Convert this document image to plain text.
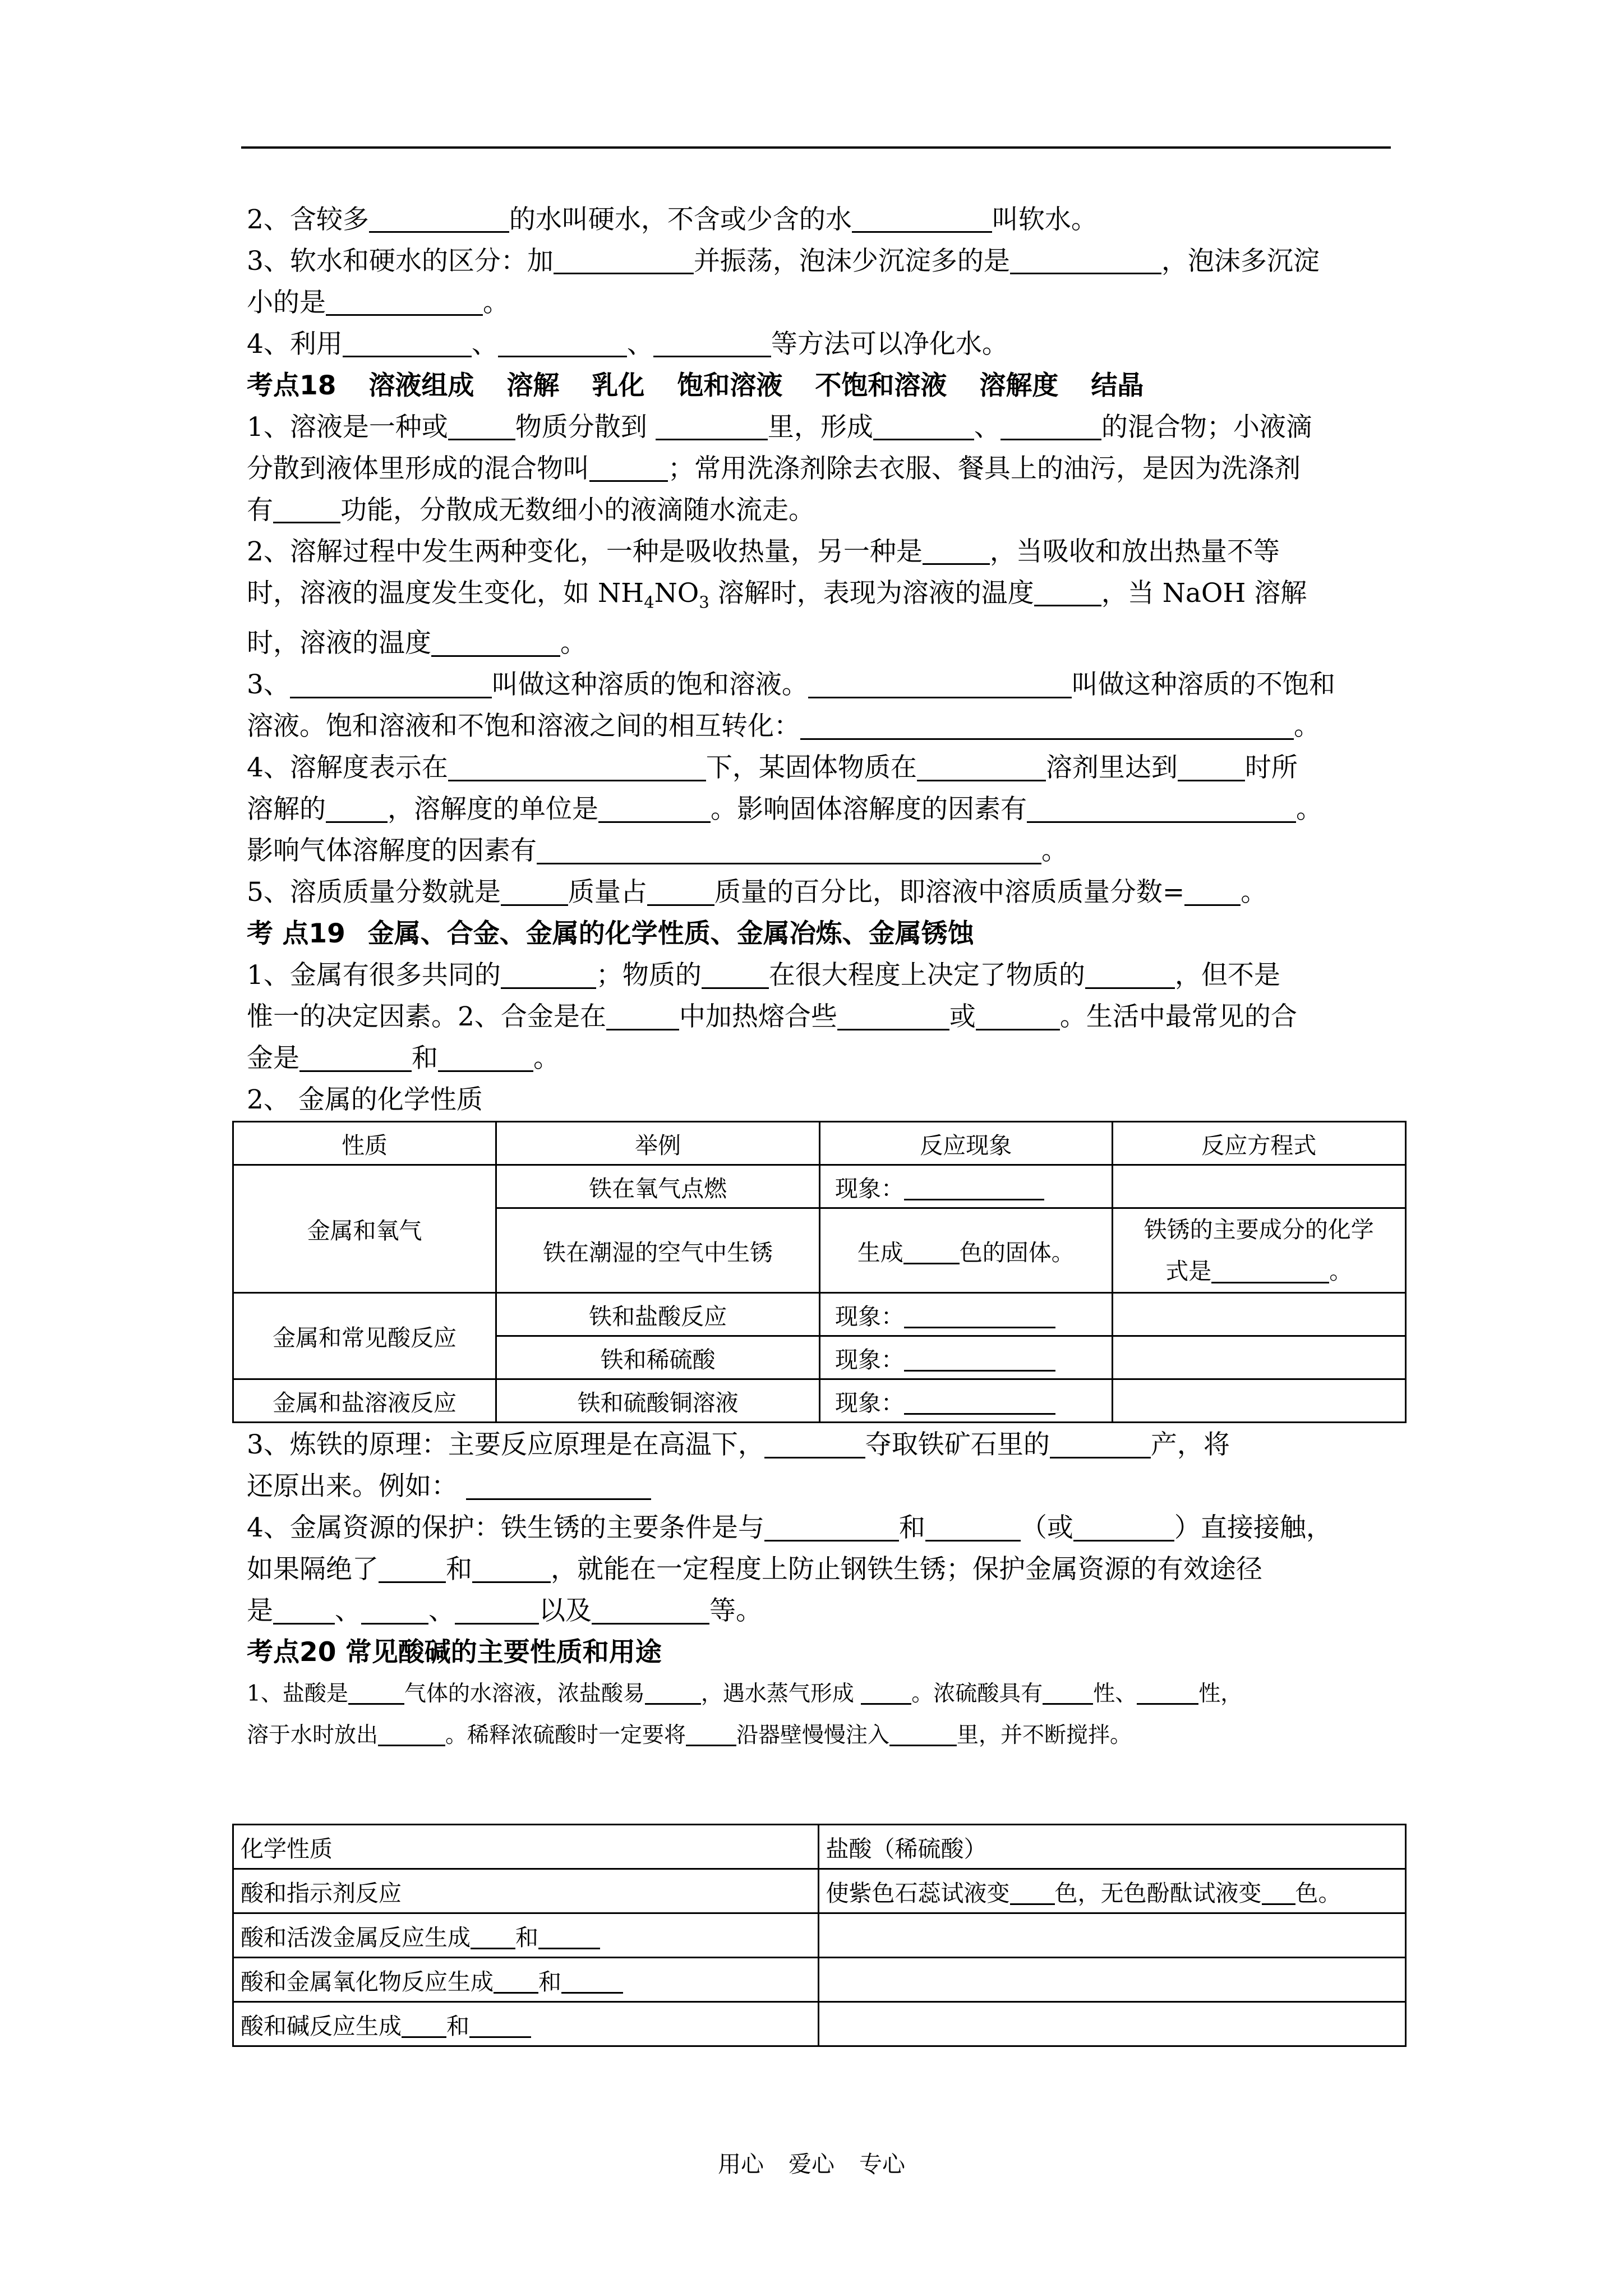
2、含较多	的水叫硬水，不含或少含的水	叫软水。

3、软水和硬水的区分：加	并振荡，泡沫少沉淀多的是	，泡沫多沉淀

小的是	。

4、利用	、	、	等方法可以净化水。

考点18 溶液组成 溶解 乳化 饱和溶液 不饱和溶液 溶解度 结晶

1、溶液是一种或	物质分散到	里，形成	、	的混合物；小液滴

分散到液体里形成的混合物叫	；常用洗涤剂除去衣服、餐具上的油污，是因为洗涤剂

有	功能，分散成无数细小的液滴随水流走。

2、溶解过程中发生两种变化，一种是吸收热量，另一种是	，当吸收和放出热量不等

时，溶液的温度发生变化，如 $NH_4NO_3$ 溶解时，表现为溶液的温度	，当 NaOH 溶解

时，溶液的温度	。

3、	叫做这种溶质的饱和溶液。	叫做这种溶质的不饱和

溶液。饱和溶液和不饱和溶液之间的相互转化：	。

4、溶解度表示在	下，某固体物质在	溶剂里达到	时所

溶解的 ，溶解度的单位是	。影响固体溶解度的因素有	。

影响气体溶解度的因素有	。

5、溶质质量分数就是	质量占	质量的百分比，即溶液中溶质质量分数= 。

考 点19 金属、合金、金属的化学性质、金属冶炼、金属锈蚀

1、金属有很多共同的	；物质的	在很大程度上决定了物质的	，但不是

惟一的决定因素。2、合金是在	中加热熔合些	或	。生活中最常见的合

金是	和	。

2、 金属的化学性质

性质	举例	反应现象	反应方程式
金属和氧气	铁在氧气点燃	现象：	
	铁在潮湿的空气中生锈	生成 色的固体。	铁锈的主要成分的化学
式是 。
金属和常见酸反应	铁和盐酸反应	现象：	
	铁和稀硫酸	现象：	
金属和盐溶液反应	铁和硫酸铜溶液	现象：	

3、炼铁的原理：主要反应原理是在高温下，	夺取铁矿石里的	产，将

还原出来。例如：

4、金属资源的保护：铁生锈的主要条件是与	和	（或	）直接接触，

如果隔绝了	和	，就能在一定程度上防止钢铁生锈；保护金属资源的有效途径

是 、	、	以及	等。

考点20 常见酸碱的主要性质和用途

1、盐酸是	气体的水溶液，浓盐酸易	，遇水蒸气形成 。浓硫酸具有 性、	性，

溶于水时放出	。稀释浓硫酸时一定要将 沿器壁慢慢注入	里，并不断搅拌。

化学性质	盐酸（稀硫酸）
酸和指示剂反应	使紫色石蕊试液变 色，无色酚酞试液变 色。
酸和活泼金属反应生成 和	
酸和金属氧化物反应生成 和	
酸和碱反应生成 和	
用心 爱心 专心
